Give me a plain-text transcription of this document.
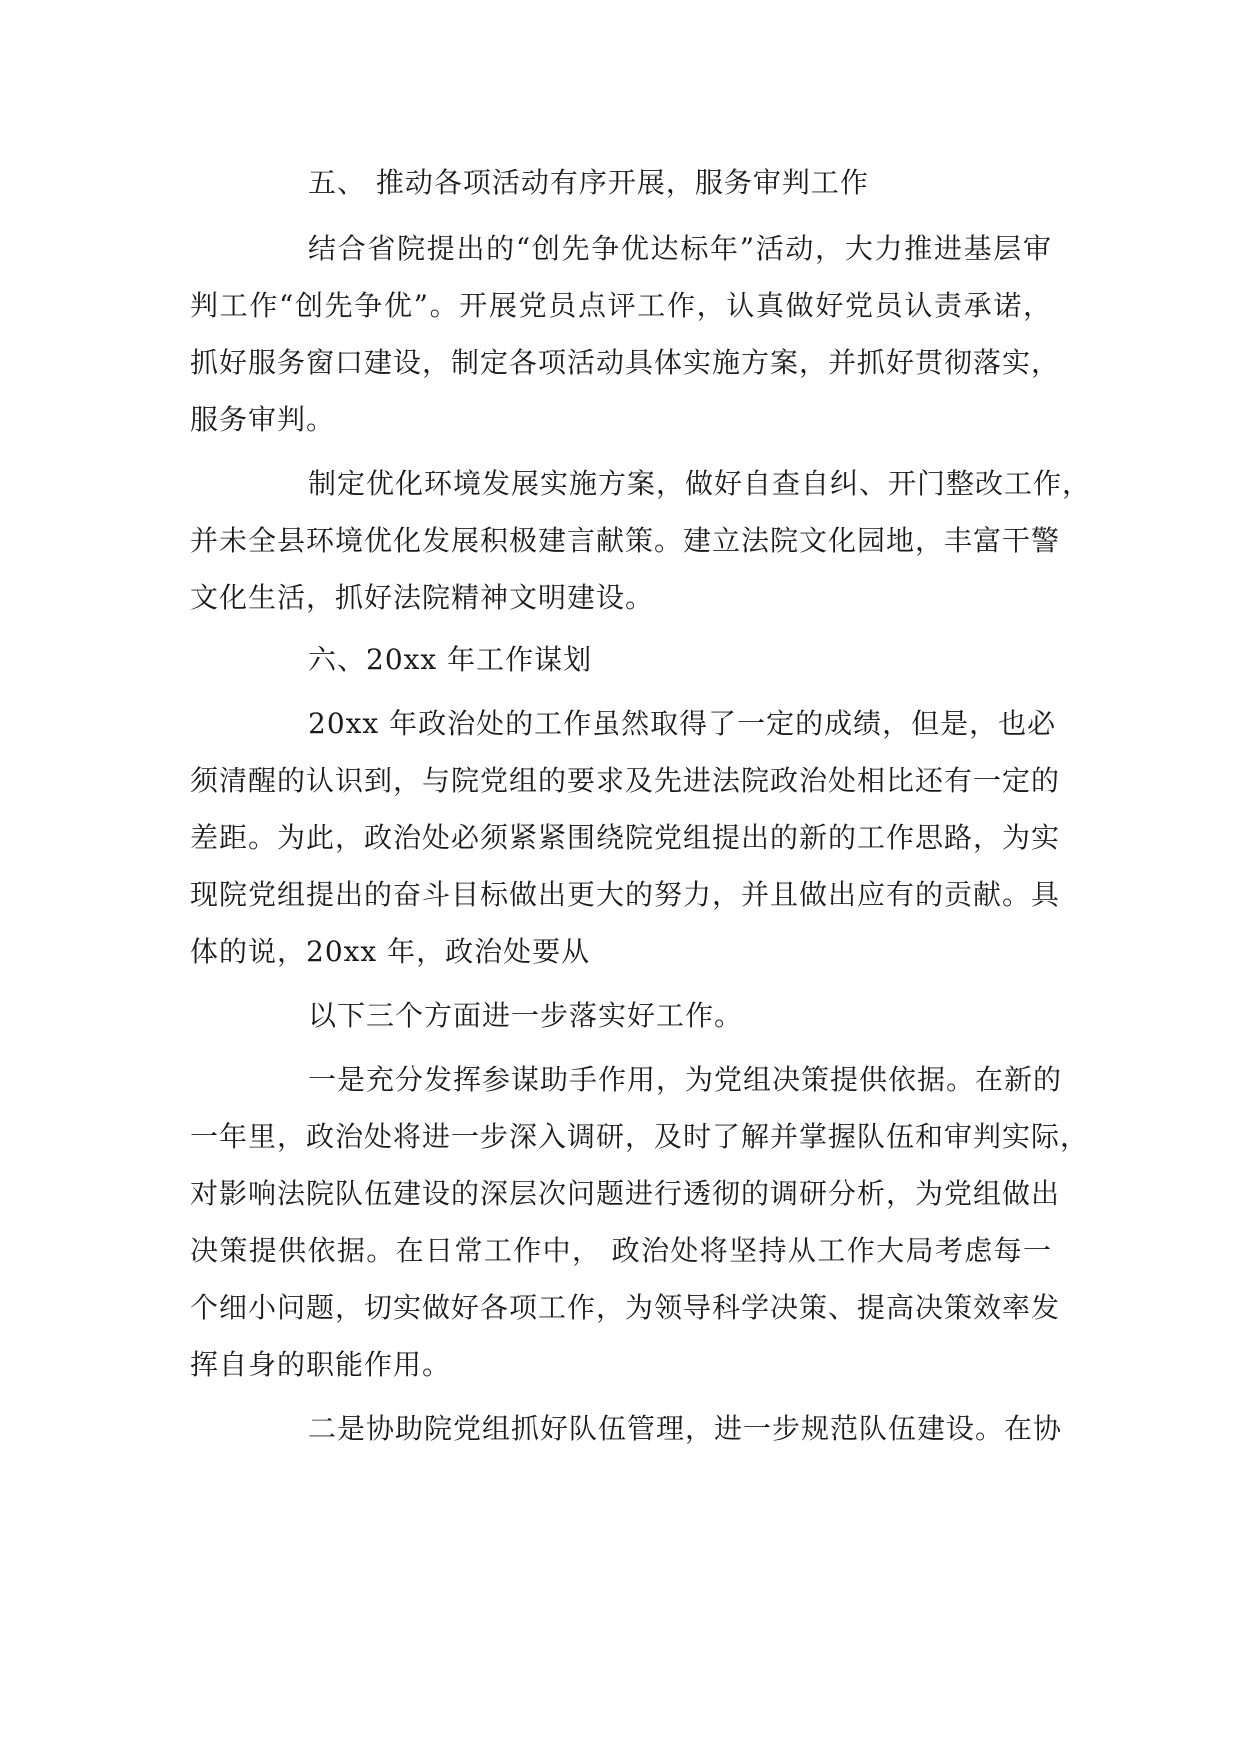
五、 推动各项活动有序开展，服务审判工作
结合省院提出的“创先争优达标年”活动，大力推进基层审
判工作“创先争优”。开展党员点评工作，认真做好党员认责承诺，
抓好服务窗口建设，制定各项活动具体实施方案，并抓好贯彻落实，
服务审判。
制定优化环境发展实施方案，做好自查自纠、开门整改工作，
并未全县环境优化发展积极建言献策。建立法院文化园地，丰富干警
文化生活，抓好法院精神文明建设。
六、20xx 年工作谋划
20xx 年政治处的工作虽然取得了一定的成绩，但是，也必
须清醒的认识到，与院党组的要求及先进法院政治处相比还有一定的
差距。为此，政治处必须紧紧围绕院党组提出的新的工作思路，为实
现院党组提出的奋斗目标做出更大的努力，并且做出应有的贡献。具
体的说，20xx 年，政治处要从
以下三个方面进一步落实好工作。
一是充分发挥参谋助手作用，为党组决策提供依据。在新的
一年里，政治处将进一步深入调研，及时了解并掌握队伍和审判实际，
对影响法院队伍建设的深层次问题进行透彻的调研分析，为党组做出
决策提供依据。在日常工作中， 政治处将坚持从工作大局考虑每一
个细小问题，切实做好各项工作，为领导科学决策、提高决策效率发
挥自身的职能作用。
二是协助院党组抓好队伍管理，进一步规范队伍建设。在协
